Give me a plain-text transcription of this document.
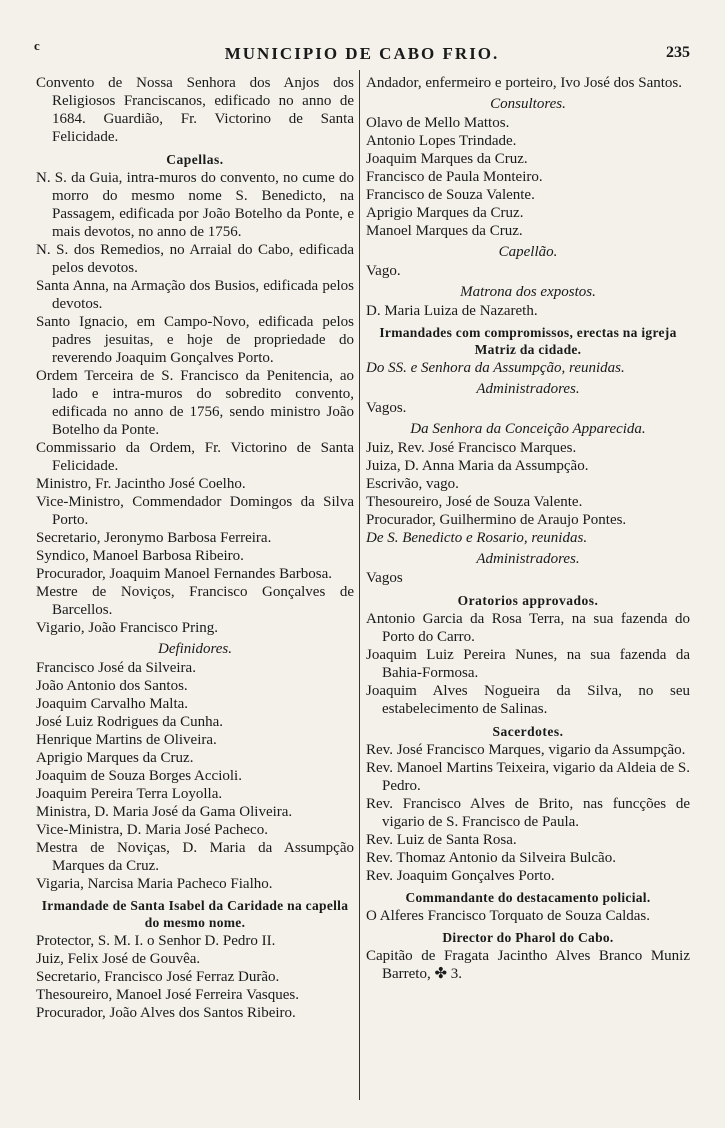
c	MUNICIPIO DE CABO FRIO.	235

Convento de Nossa Senhora dos Anjos dos Religiosos Franciscanos, edificado no anno de 1684. Guardião, Fr. Victorino de Santa Felicidade.

Capellas.

N. S. da Guia, intra-muros do convento, no cume do morro do mesmo nome S. Benedicto, na Passagem, edificada por João Botelho da Ponte, e mais devotos, no anno de 1756.

N. S. dos Remedios, no Arraial do Cabo, edificada pelos devotos.

Santa Anna, na Armação dos Busios, edificada pelos devotos.

Santo Ignacio, em Campo-Novo, edificada pelos padres jesuitas, e hoje de propriedade do reverendo Joaquim Gonçalves Porto.

Ordem Terceira de S. Francisco da Penitencia, ao lado e intra-muros do sobredito convento, edificada no anno de 1756, sendo ministro João Botelho da Ponte.

Commissario da Ordem, Fr. Victorino de Santa Felicidade.

Ministro, Fr. Jacintho José Coelho.

Vice-Ministro, Commendador Domingos da Silva Porto.

Secretario, Jeronymo Barbosa Ferreira.

Syndico, Manoel Barbosa Ribeiro.

Procurador, Joaquim Manoel Fernandes Barbosa.

Mestre de Noviços, Francisco Gonçalves de Barcellos.

Vigario, João Francisco Pring.

Definidores.

Francisco José da Silveira.

João Antonio dos Santos.

Joaquim Carvalho Malta.

José Luiz Rodrigues da Cunha.

Henrique Martins de Oliveira.

Aprigio Marques da Cruz.

Joaquim de Souza Borges Accioli.

Joaquim Pereira Terra Loyolla.

Ministra, D. Maria José da Gama Oliveira.

Vice-Ministra, D. Maria José Pacheco.

Mestra de Noviças, D. Maria da Assumpção Marques da Cruz.

Vigaria, Narcisa Maria Pacheco Fialho.

Irmandade de Santa Isabel da Caridade na capella do mesmo nome.

Protector, S. M. I. o Senhor D. Pedro II.

Juiz, Felix José de Gouvêa.

Secretario, Francisco José Ferraz Durão.

Thesoureiro, Manoel José Ferreira Vasques.

Procurador, João Alves dos Santos Ribeiro.

Andador, enfermeiro e porteiro, Ivo José dos Santos.

Consultores.

Olavo de Mello Mattos.

Antonio Lopes Trindade.

Joaquim Marques da Cruz.

Francisco de Paula Monteiro.

Francisco de Souza Valente.

Aprigio Marques da Cruz.

Manoel Marques da Cruz.

Capellão.

Vago.

Matrona dos expostos.

D. Maria Luiza de Nazareth.

Irmandades com compromissos, erectas na igreja Matriz da cidade.

Do SS. e Senhora da Assumpção, reunidas.

Administradores.

Vagos.

Da Senhora da Conceição Apparecida.

Juiz, Rev. José Francisco Marques.

Juiza, D. Anna Maria da Assumpção.

Escrivão, vago.

Thesoureiro, José de Souza Valente.

Procurador, Guilhermino de Araujo Pontes.

De S. Benedicto e Rosario, reunidas.

Administradores.

Vagos

Oratorios approvados.

Antonio Garcia da Rosa Terra, na sua fazenda do Porto do Carro.

Joaquim Luiz Pereira Nunes, na sua fazenda da Bahia-Formosa.

Joaquim Alves Nogueira da Silva, no seu estabelecimento de Salinas.

Sacerdotes.

Rev. José Francisco Marques, vigario da Assumpção.

Rev. Manoel Martins Teixeira, vigario da Aldeia de S. Pedro.

Rev. Francisco Alves de Brito, nas funcções de vigario de S. Francisco de Paula.

Rev. Luiz de Santa Rosa.

Rev. Thomaz Antonio da Silveira Bulcão.

Rev. Joaquim Gonçalves Porto.

Commandante do destacamento policial.

O Alferes Francisco Torquato de Souza Caldas.

Director do Pharol do Cabo.

Capitão de Fragata Jacintho Alves Branco Muniz Barreto, ✤ 3.
